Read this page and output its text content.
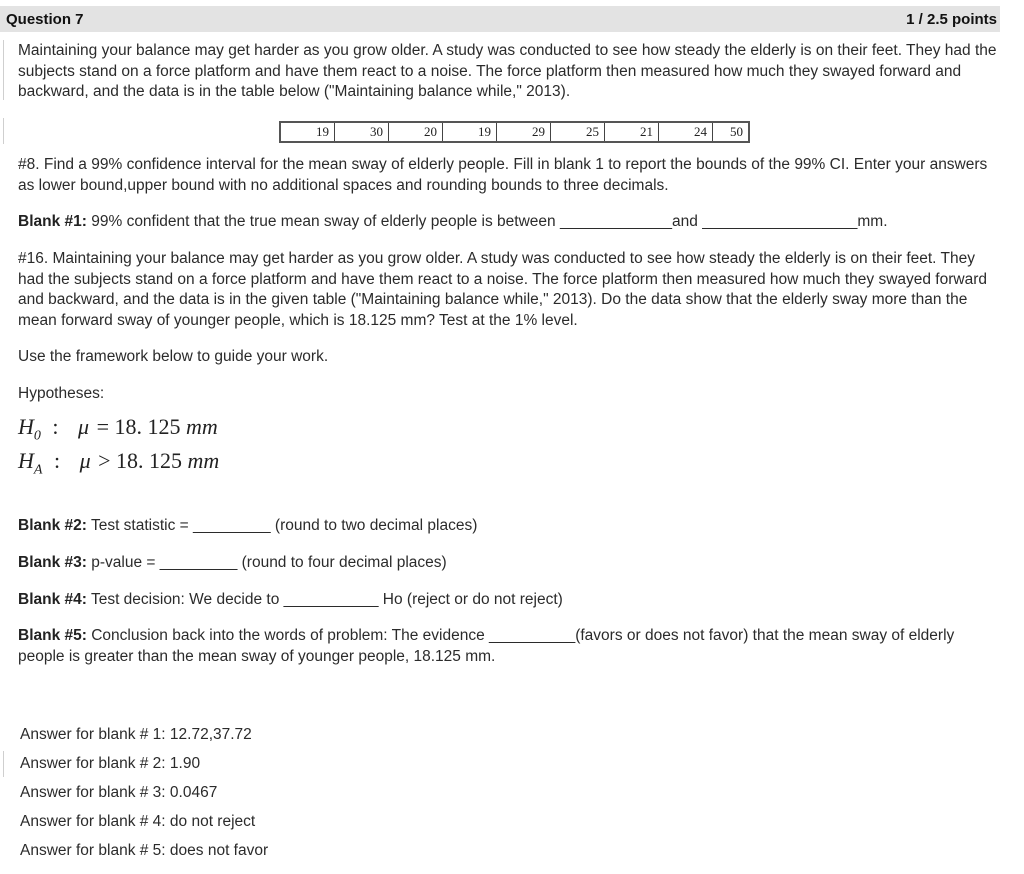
Question 7	1 / 2.5 points
Maintaining your balance may get harder as you grow older. A study was conducted to see how steady the elderly is on their feet. They had the subjects stand on a force platform and have them react to a noise. The force platform then measured how much they swayed forward and backward, and the data is in the table below ("Maintaining balance while," 2013).
19	30	20	19	29	25	21	24	50
#8. Find a 99% confidence interval for the mean sway of elderly people. Fill in blank 1 to report the bounds of the 99% CI. Enter your answers as lower bound,upper bound with no additional spaces and rounding bounds to three decimals.
Blank #1: 99% confident that the true mean sway of elderly people is between _____________and __________________mm.
#16. Maintaining your balance may get harder as you grow older. A study was conducted to see how steady the elderly is on their feet. They had the subjects stand on a force platform and have them react to a noise. The force platform then measured how much they swayed forward and backward, and the data is in the given table ("Maintaining balance while," 2013). Do the data show that the elderly sway more than the mean forward sway of younger people, which is 18.125 mm? Test at the 1% level.
Use the framework below to guide your work.
Hypotheses:
$H_0$ : μ = 18. 125 mm
$H_A$ : μ > 18. 125 mm
Blank #2: Test statistic = _________ (round to two decimal places)
Blank #3: p-value = _________ (round to four decimal places)
Blank #4: Test decision: We decide to ___________ Ho (reject or do not reject)
Blank #5: Conclusion back into the words of problem: The evidence __________(favors or does not favor) that the mean sway of elderly people is greater than the mean sway of younger people, 18.125 mm.
Answer for blank # 1: 12.72,37.72
Answer for blank # 2: 1.90
Answer for blank # 3: 0.0467
Answer for blank # 4: do not reject
Answer for blank # 5: does not favor
